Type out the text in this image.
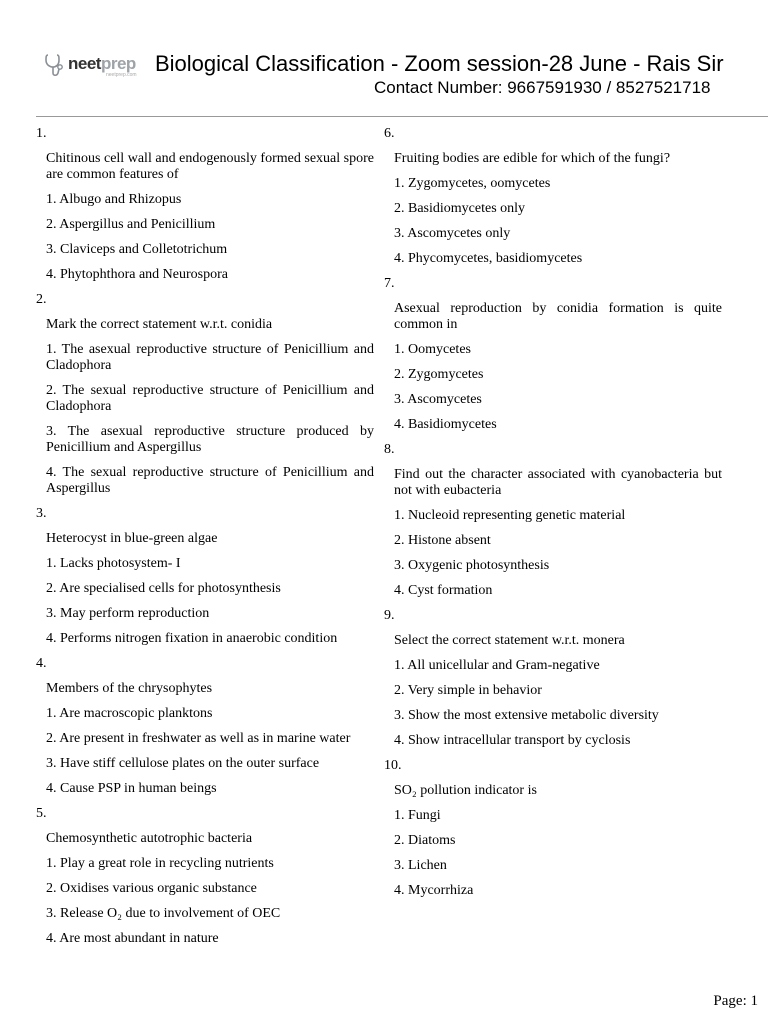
neetprep
neetprep.com Biological Classification - Zoom session-28 June - Rais Sir
Contact Number: 9667591930 / 8527521718
1.
Chitinous cell wall and endogenously formed sexual spore are common features of
1. Albugo and Rhizopus
2. Aspergillus and Penicillium
3. Claviceps and Colletotrichum
4. Phytophthora and Neurospora
2.
Mark the correct statement w.r.t. conidia
1. The asexual reproductive structure of Penicillium and Cladophora
2. The sexual reproductive structure of Penicillium and Cladophora
3. The asexual reproductive structure produced by Penicillium and Aspergillus
4. The sexual reproductive structure of Penicillium and Aspergillus
3.
Heterocyst in blue-green algae
1. Lacks photosystem- I
2. Are specialised cells for photosynthesis
3. May perform reproduction
4. Performs nitrogen fixation in anaerobic condition
4.
Members of the chrysophytes
1. Are macroscopic planktons
2. Are present in freshwater as well as in marine water
3. Have stiff cellulose plates on the outer surface
4. Cause PSP in human beings
5.
Chemosynthetic autotrophic bacteria
1. Play a great role in recycling nutrients
2. Oxidises various organic substance
3. Release O₂ due to involvement of OEC
4. Are most abundant in nature
6.
Fruiting bodies are edible for which of the fungi?
1. Zygomycetes, oomycetes
2. Basidiomycetes only
3. Ascomycetes only
4. Phycomycetes, basidiomycetes
7.
Asexual reproduction by conidia formation is quite common in
1. Oomycetes
2. Zygomycetes
3. Ascomycetes
4. Basidiomycetes
8.
Find out the character associated with cyanobacteria but not with eubacteria
1. Nucleoid representing genetic material
2. Histone absent
3. Oxygenic photosynthesis
4. Cyst formation
9.
Select the correct statement w.r.t. monera
1. All unicellular and Gram-negative
2. Very simple in behavior
3. Show the most extensive metabolic diversity
4. Show intracellular transport by cyclosis
10.
SO₂ pollution indicator is
1. Fungi
2. Diatoms
3. Lichen
4. Mycorrhiza
Page: 1
